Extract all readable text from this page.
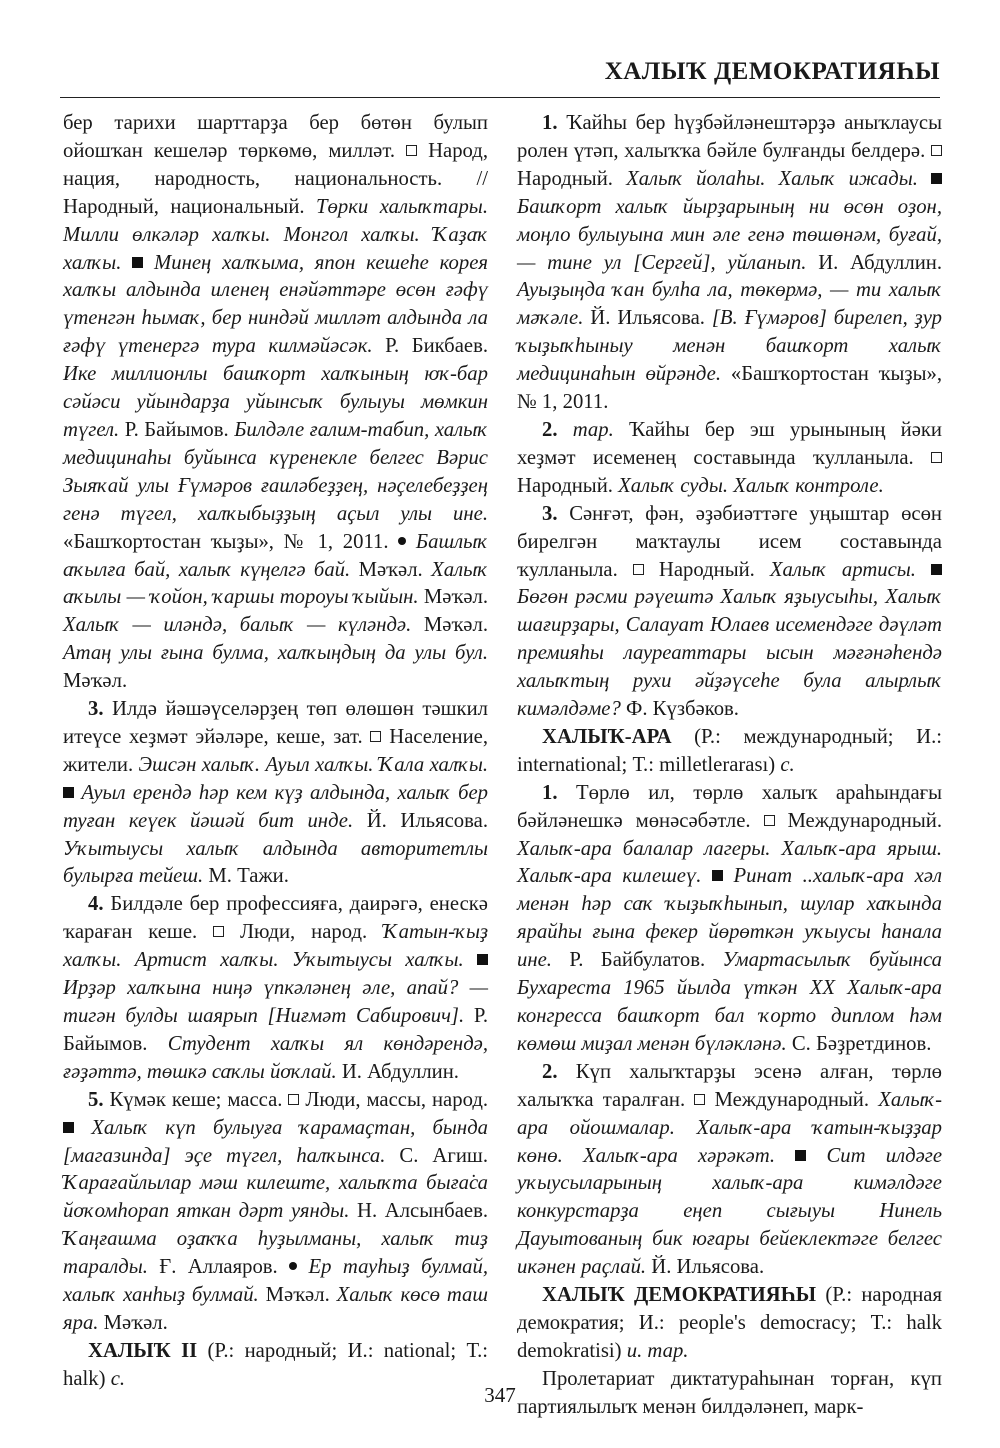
ХАЛЫҠ ДЕМОКРАТИЯҺЫ

бер тарихи шарттарҙа бер бөтөн булып ойошҡан кешеләр төркөмө, милләт. Народ, нация, народность, национальность. // Народный, национальный. Төрки халыҡтары. Милли өлкәләр халҡы. Монгол халҡы. Ҡаҙаҡ халҡы. Минең халҡыма, япон кешеһе корея халҡы алдында иленең енәйәттәре өсөн ғәфү үтенгән һымаҡ, бер ниндәй милләт алдында ла ғәфү үтенергә тура килмәйәсәк. Р. Бикбаев. Ике миллионлы башҡорт халҡының юҡ-бар сәйәси уйындарҙа уйынсыҡ булыуы мөмкин түгел. Р. Байымов. Билдәле ғалим-табип, халыҡ медицинаһы буйынса күренекле белгес Вәрис Зыяҡай улы Ғүмәров ғаиләбеҙҙең, нәҫелебеҙҙең генә түгел, халҡыбыҙҙың аҫыл улы ине. «Башҡортостан ҡыҙы», № 1, 2011. Башлыҡ аҡылға бай, халыҡ күңелгә бай. Мәҡәл. Халыҡ аҡылы — ҡойон, ҡаршы тороуы ҡыйын. Мәҡәл. Халыҡ — иләндә, балыҡ — күләндә. Мәҡәл. Атаң улы ғына булма, халҡыңдың да улы бул. Мәҡәл.

3. Илдә йәшәүселәрҙең төп өлөшөн тәшкил итеүсе хеҙмәт эйәләре, кеше, зат. Население, жители. Эшсән халыҡ. Ауыл халҡы. Ҡала халҡы.  Ауыл ерендә һәр кем күҙ алдында, халыҡ бер туған кеүек йәшәй бит инде. Й. Ильясова. Уҡытыусы халыҡ алдында авторитетлы булырға тейеш. М. Тажи.

4. Билдәле бер профессияға, даирәгә, енескә ҡараған кеше. Люди, народ. Ҡатын-ҡыҙ халҡы. Артист халҡы. Уҡытыусы халҡы.  Ирҙәр халҡына ниңә үпкәләнең әле, апай? — тигән булды шаярып [Ниғмәт Сабирович]. Р. Байымов. Студент халҡы ял көндәрендә, ғәҙәттә, төшкә саҡлы йоҡлай. И. Абдуллин.

5. Күмәк кеше; масса. Люди, массы, народ.  Халыҡ күп булыуға ҡарамаҫтан, бында [магазинда] эҫе түгел, һалҡынса. С. Агиш. Ҡарағайлылар мәш килеште, халыҡта быға̇са йоҡомһорап яткан дәрт уянды. Н. Алсынбаев. Ҡаңғашма оҙаҡҡа һуҙылманы, халыҡ тиҙ таралды. Ғ. Аллаяров. Ер тауһыҙ булмай, халыҡ ханһыҙ булмай. Мәҡәл. Халыҡ көсө таш яра. Мәҡәл.

ХАЛЫҠ II (Р.: народный; И.: national; Т.: halk) с.

1. Ҡайһы бер һүҙбәйләнештәрҙә аныҡлаусы ролен үтәп, халыҡҡа бәйле булғанды белдерә.  Народный. Халыҡ йолаһы. Халыҡ ижады.  Башҡорт халыҡ йырҙарының ни өсөн оҙон, моңло булыуына мин әле генә төшөнәм, буғай, — тине ул [Сергей], уйланып. И. Абдуллин. Ауыҙыңда ҡан булһа ла, төкөрмә, — ти халыҡ мәҡәле. Й. Ильясова. [В. Ғүмәров] бирелеп, ҙур ҡыҙыҡһыныу менән башҡорт халыҡ медицинаһын өйрәнде. «Башҡортостан ҡыҙы», № 1, 2011.

2. тар. Ҡайһы бер эш урынының йәки хеҙмәт исеменең составында ҡулланыла.  Народный. Халыҡ суды. Халыҡ контроле.

3. Сәнғәт, фән, әҙәбиәттәге уңыштар өсөн бирелгән маҡтаулы исем составында ҡулланыла. Народный. Халыҡ артисы.  Бөгөн рәсми рәүештә Халыҡ яҙыусыһы, Халыҡ шағирҙары, Салауат Юлаев исемендәге дәүләт премияһы лауреаттары ысын мәғәнәһендә халыҡтың рухи әйҙәүсеһе була алырлыҡ кимәлдәме? Ф. Күзбәков.

ХАЛЫҠ-АРА (Р.: международный; И.: international; Т.: milletlerarası) с.

1. Төрлө ил, төрлө халыҡ араһындағы бәйләнешкә мөнәсәбәтле. Международный. Халыҡ-ара балалар лагеры. Халыҡ-ара ярыш. Халыҡ-ара килешеү. Ринат ..халыҡ-ара хәл менән һәр саҡ ҡыҙыҡһынып, шулар хаҡында ярайһы ғына фекер йөрөткән уҡыусы һанала ине. Р. Байбулатов. Умартасылыҡ буйынса Бухареста 1965 йылда үткән XX Халыҡ-ара конгресса башҡорт бал ҡорто диплом һәм көмөш миҙал менән бүләкләнә. С. Бәҙретдинов.

2. Күп халыҡтарҙы эсенә алған, төрлө халыҡҡа таралған. Международный. Халыҡ-ара ойошмалар. Халыҡ-ара ҡатын-ҡыҙҙар көнө. Халыҡ-ара хәрәкәт. Сит илдәге уҡыусыларының халыҡ-ара кимәлдәге конкурстарҙа еңеп сығыуы Нинель Дауытованың бик юғары бейеклектәге белгес икәнен раҫлай. Й. Ильясова.

ХАЛЫҠ ДЕМОКРАТИЯҺЫ (Р.: народная демократия; И.: people's democracy; Т.: halk demokratisi) и. тар.

Пролетариат диктатураһынан торған, күп партиялылыҡ менән билдәләнеп, марк-

347
